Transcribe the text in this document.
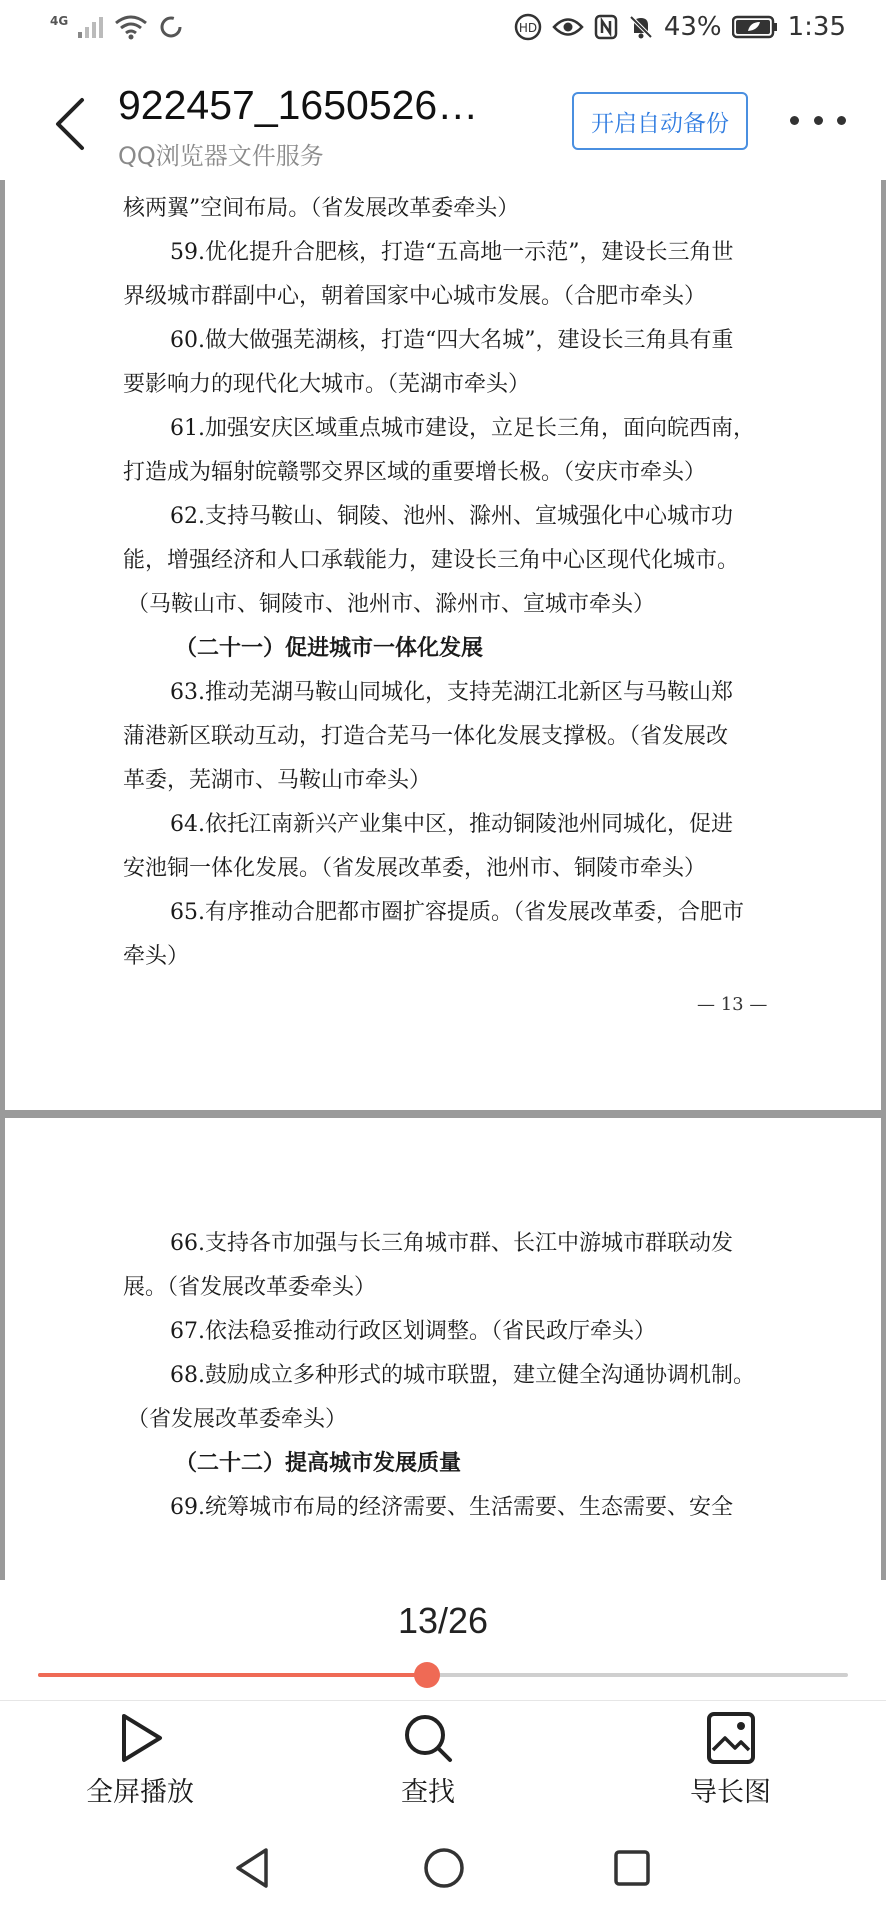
4G	HD	43%	1:35
922457_1650526…
QQ浏览器文件服务
开启自动备份
核两翼”空间布局。（省发展改革委牵头）
59.优化提升合肥核，打造“五高地一示范”，建设长三角世
界级城市群副中心，朝着国家中心城市发展。（合肥市牵头）
60.做大做强芜湖核，打造“四大名城”，建设长三角具有重
要影响力的现代化大城市。（芜湖市牵头）
61.加强安庆区域重点城市建设，立足长三角，面向皖西南，
打造成为辐射皖赣鄂交界区域的重要增长极。（安庆市牵头）
62.支持马鞍山、铜陵、池州、滁州、宣城强化中心城市功
能，增强经济和人口承载能力，建设长三角中心区现代化城市。
（马鞍山市、铜陵市、池州市、滁州市、宣城市牵头）
（二十一）促进城市一体化发展
63.推动芜湖马鞍山同城化，支持芜湖江北新区与马鞍山郑
蒲港新区联动互动，打造合芜马一体化发展支撑极。（省发展改
革委，芜湖市、马鞍山市牵头）
64.依托江南新兴产业集中区，推动铜陵池州同城化，促进
安池铜一体化发展。（省发展改革委，池州市、铜陵市牵头）
65.有序推动合肥都市圈扩容提质。（省发展改革委，合肥市
牵头）
— 13 —
66.支持各市加强与长三角城市群、长江中游城市群联动发
展。（省发展改革委牵头）
67.依法稳妥推动行政区划调整。（省民政厅牵头）
68.鼓励成立多种形式的城市联盟，建立健全沟通协调机制。
（省发展改革委牵头）
（二十二）提高城市发展质量
69.统筹城市布局的经济需要、生活需要、生态需要、安全
13/26
全屏播放	查找	导长图
